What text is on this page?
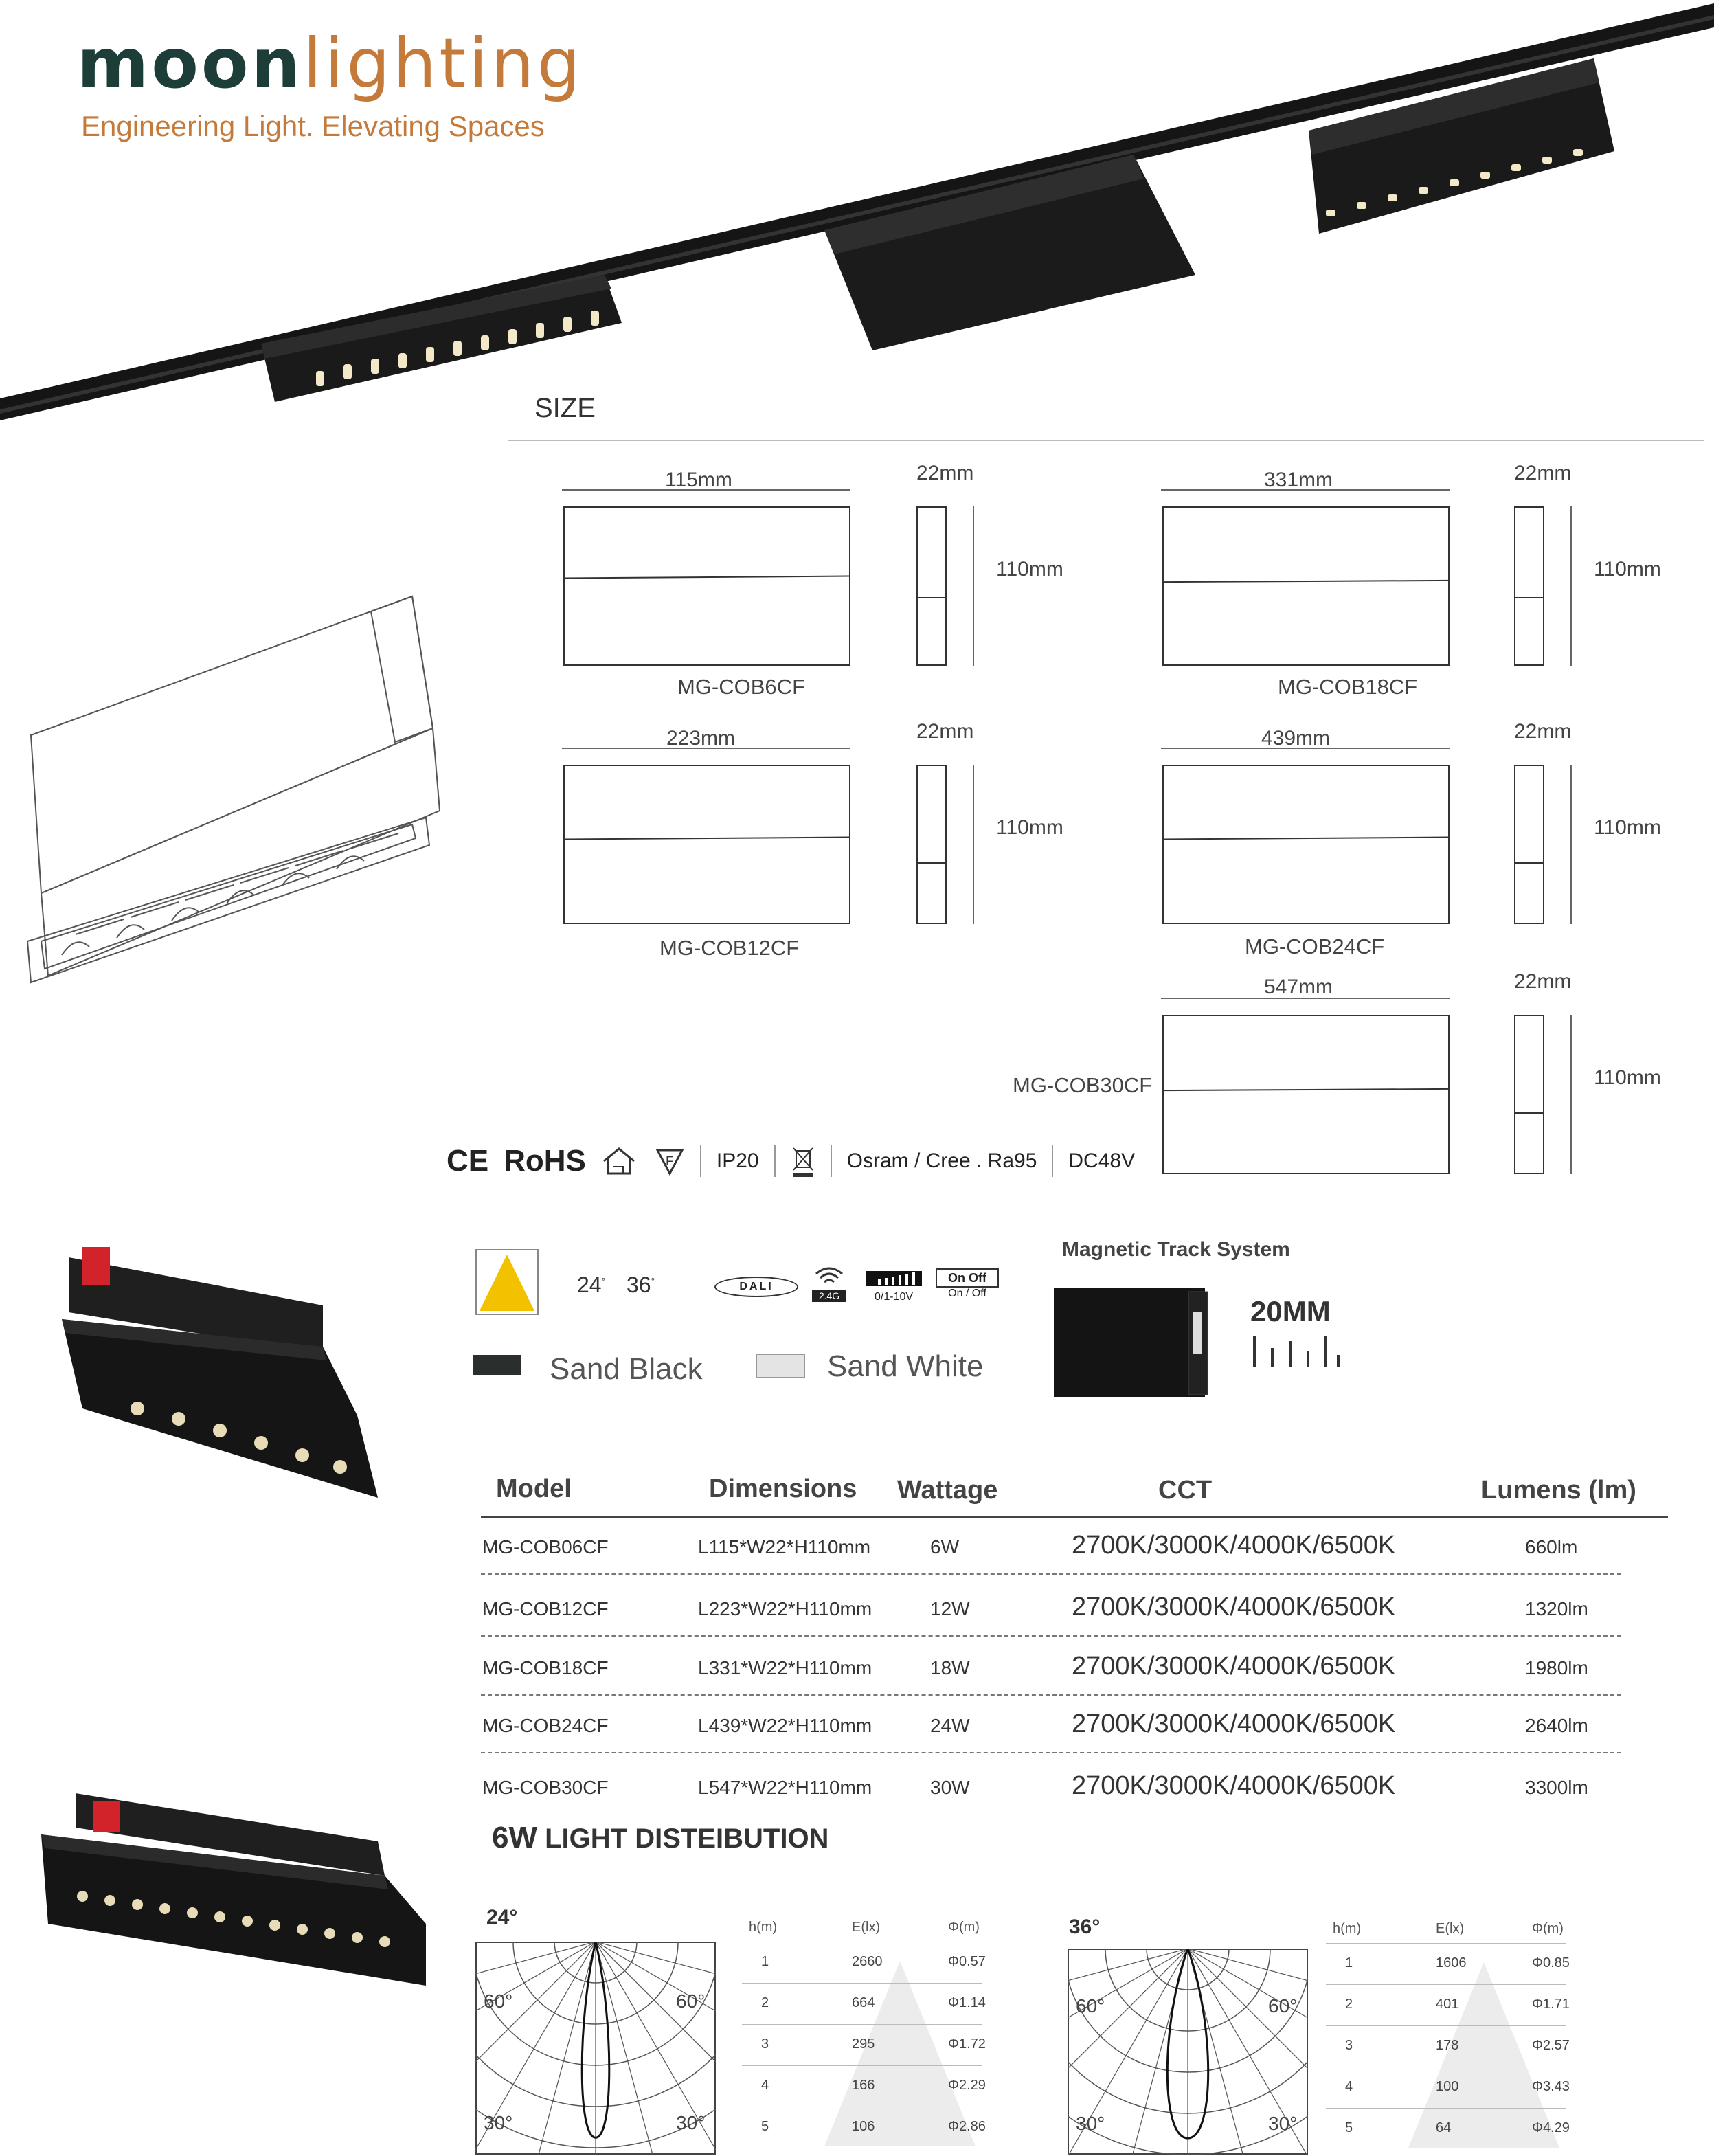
moonlighting
Engineering Light. Elevating Spaces
SIZE
115mm
MG-COB6CF
22mm
110mm
331mm
MG-COB18CF
22mm
110mm
223mm
MG-COB12CF
22mm
110mm
439mm
MG-COB24CF
22mm
110mm
547mm
MG-COB30CF
22mm
110mm
CE RoHS	F IP20	Osram / Cree . Ra95 DC48V
24° 36°	DALI
2.4G	0/1-10V
On Off
On / Off
Sand Black	Sand White
Magnetic Track System
20MM
Model	Dimensions Wattage	CCT	Lumens (lm)
MG-COB06CF	L115*W22*H110mm	6W	2700K/3000K/4000K/6500K	660lm
MG-COB12CF	L223*W22*H110mm	12W	2700K/3000K/4000K/6500K	1320lm
MG-COB18CF	L331*W22*H110mm	18W	2700K/3000K/4000K/6500K	1980lm
MG-COB24CF	L439*W22*H110mm	24W	2700K/3000K/4000K/6500K	2640lm
MG-COB30CF	L547*W22*H110mm	30W	2700K/3000K/4000K/6500K	3300lm
6W LIGHT DISTEIBUTION
24°	36°
60°	60°
30°	30°
60°	60°
30°	30°
h(m)	E(lx)	Φ(m)
1	2660	Φ0.57
2	664	Φ1.14
3	295	Φ1.72
4	166	Φ2.29
5	106	Φ2.86
h(m)	E(lx)	Φ(m)
1	1606	Φ0.85
2	401	Φ1.71
3	178	Φ2.57
4	100	Φ3.43
5	64	Φ4.29
